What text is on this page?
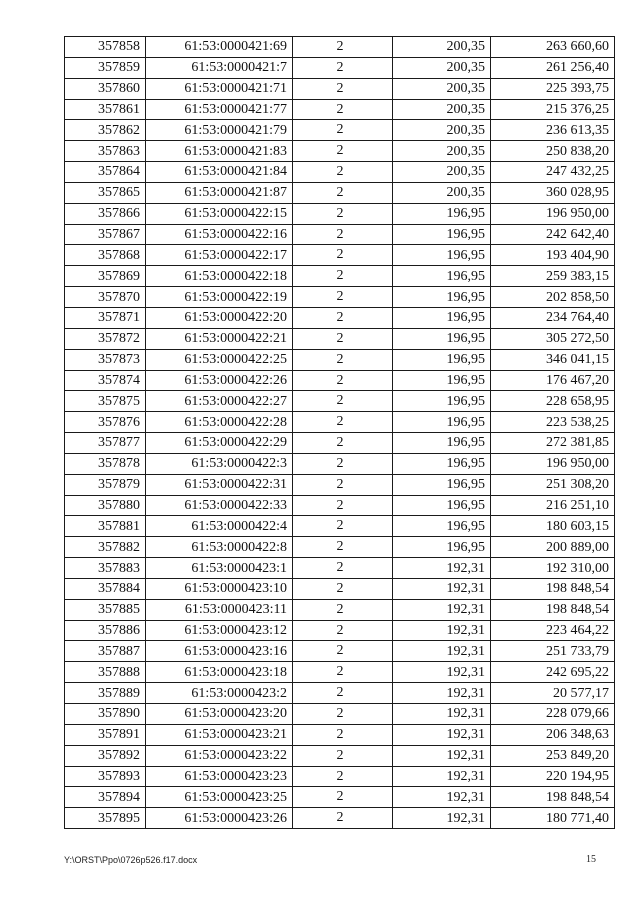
357858	61:53:0000421:69	2	200,35	263 660,60
357859	61:53:0000421:7	2	200,35	261 256,40
357860	61:53:0000421:71	2	200,35	225 393,75
357861	61:53:0000421:77	2	200,35	215 376,25
357862	61:53:0000421:79	2	200,35	236 613,35
357863	61:53:0000421:83	2	200,35	250 838,20
357864	61:53:0000421:84	2	200,35	247 432,25
357865	61:53:0000421:87	2	200,35	360 028,95
357866	61:53:0000422:15	2	196,95	196 950,00
357867	61:53:0000422:16	2	196,95	242 642,40
357868	61:53:0000422:17	2	196,95	193 404,90
357869	61:53:0000422:18	2	196,95	259 383,15
357870	61:53:0000422:19	2	196,95	202 858,50
357871	61:53:0000422:20	2	196,95	234 764,40
357872	61:53:0000422:21	2	196,95	305 272,50
357873	61:53:0000422:25	2	196,95	346 041,15
357874	61:53:0000422:26	2	196,95	176 467,20
357875	61:53:0000422:27	2	196,95	228 658,95
357876	61:53:0000422:28	2	196,95	223 538,25
357877	61:53:0000422:29	2	196,95	272 381,85
357878	61:53:0000422:3	2	196,95	196 950,00
357879	61:53:0000422:31	2	196,95	251 308,20
357880	61:53:0000422:33	2	196,95	216 251,10
357881	61:53:0000422:4	2	196,95	180 603,15
357882	61:53:0000422:8	2	196,95	200 889,00
357883	61:53:0000423:1	2	192,31	192 310,00
357884	61:53:0000423:10	2	192,31	198 848,54
357885	61:53:0000423:11	2	192,31	198 848,54
357886	61:53:0000423:12	2	192,31	223 464,22
357887	61:53:0000423:16	2	192,31	251 733,79
357888	61:53:0000423:18	2	192,31	242 695,22
357889	61:53:0000423:2	2	192,31	20 577,17
357890	61:53:0000423:20	2	192,31	228 079,66
357891	61:53:0000423:21	2	192,31	206 348,63
357892	61:53:0000423:22	2	192,31	253 849,20
357893	61:53:0000423:23	2	192,31	220 194,95
357894	61:53:0000423:25	2	192,31	198 848,54
357895	61:53:0000423:26	2	192,31	180 771,40
Y:\ORST\Ppo\0726p526.f17.docx	15
